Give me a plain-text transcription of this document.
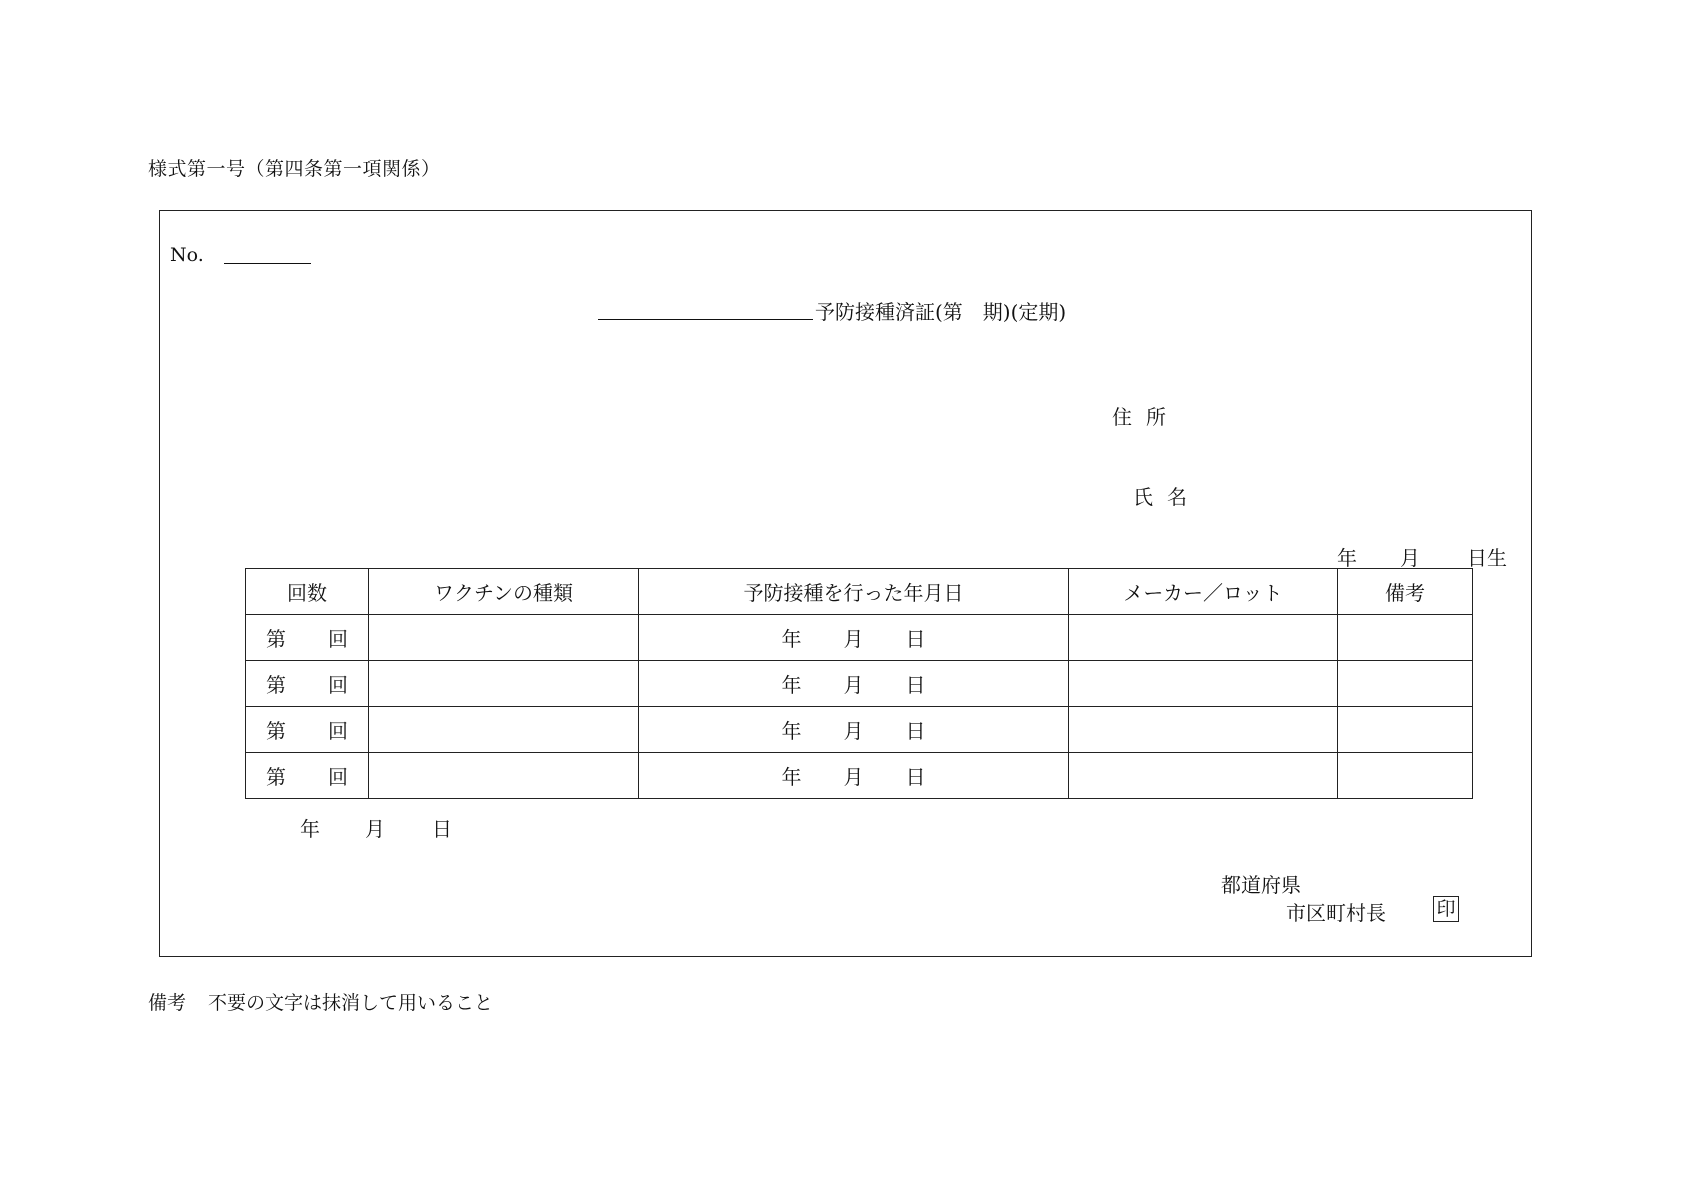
様式第一号（第四条第一項関係）
No.
予防接種済証(第　期)(定期)
住所
氏名
年 月 日生
回数	ワクチンの種類	予防接種を行った年月日	メーカー／ロット	備考

第 回		年 月 日		

第 回		年 月 日		

第 回		年 月 日		

第 回		年 月 日		

年 月 日
都道府県
市区町村長	印
備考 不要の文字は抹消して用いること
